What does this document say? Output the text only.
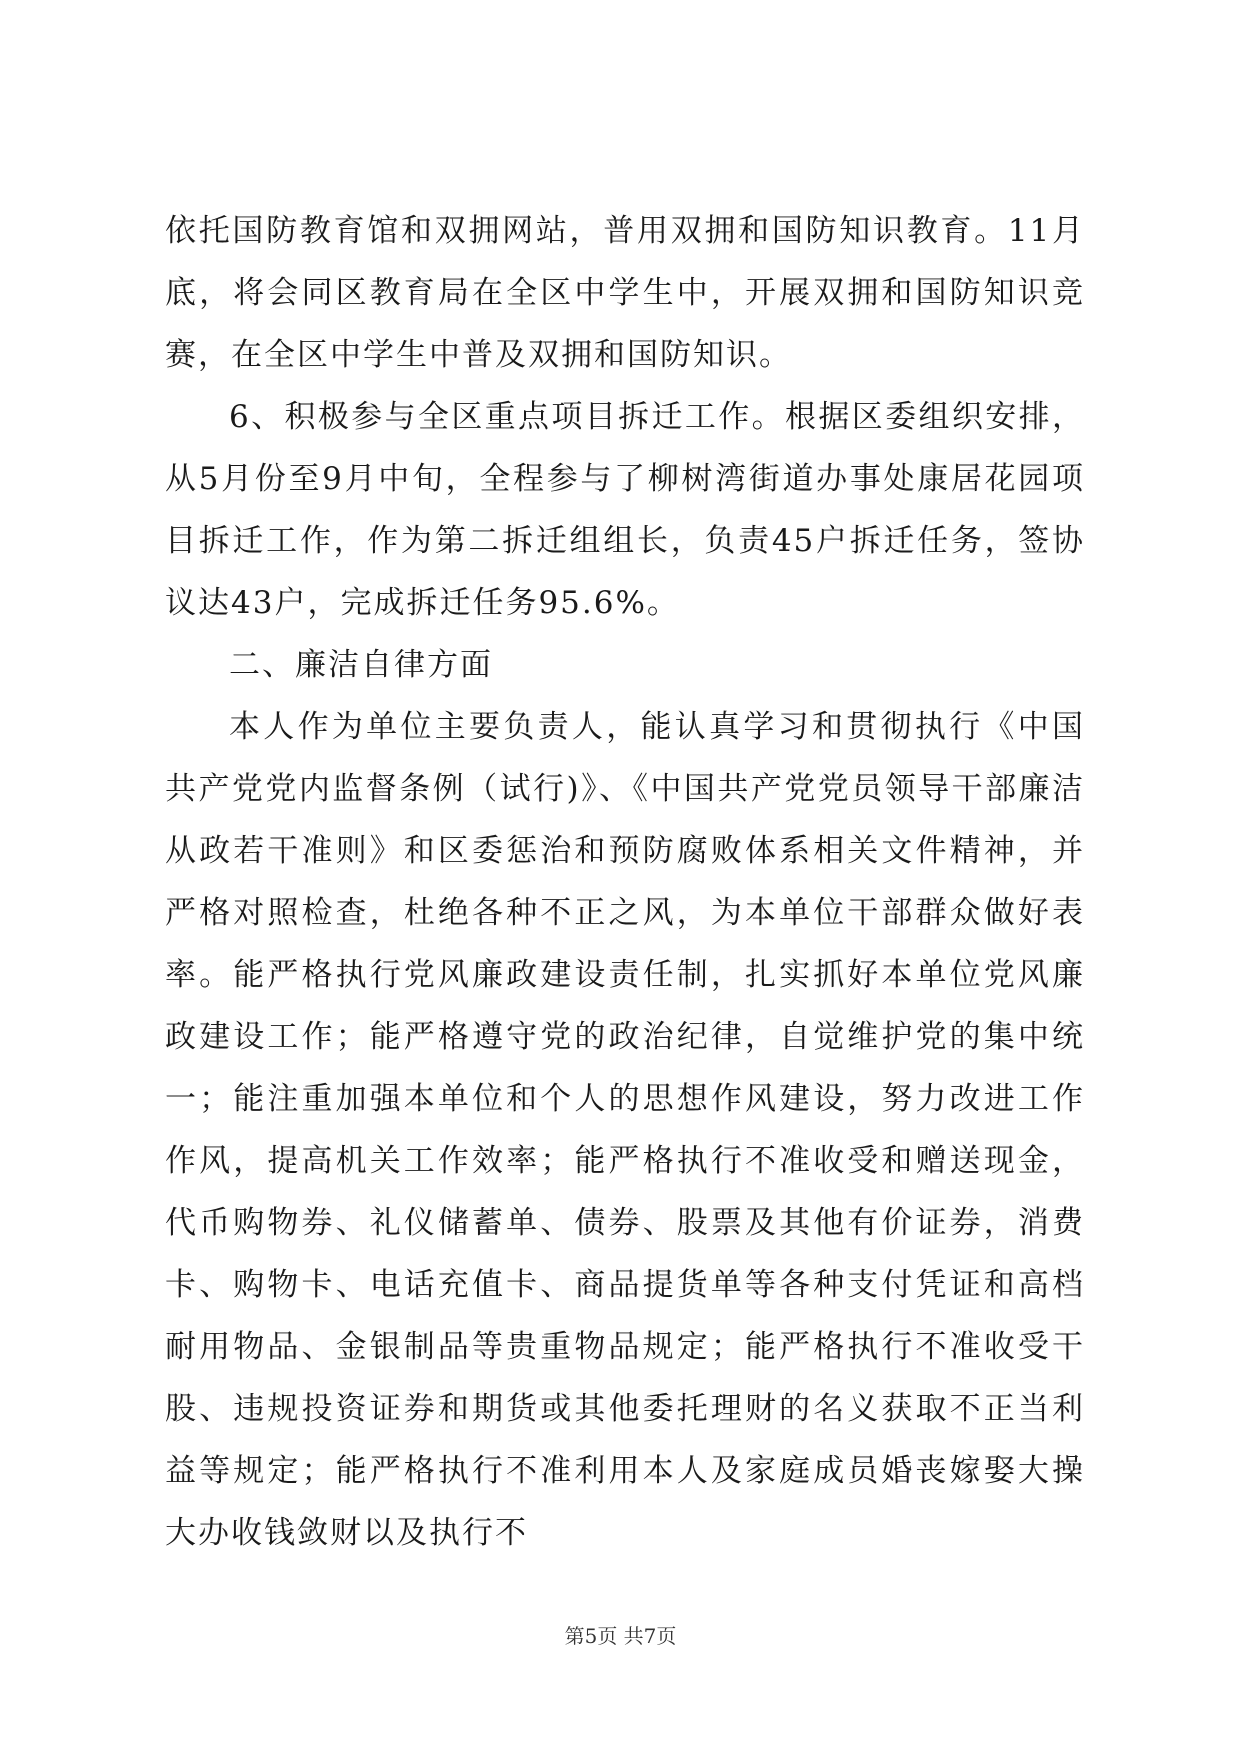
依托国防教育馆和双拥网站，普用双拥和国防知识教育。11月底，将会同区教育局在全区中学生中，开展双拥和国防知识竞赛，在全区中学生中普及双拥和国防知识。

6、积极参与全区重点项目拆迁工作。根据区委组织安排，从5月份至9月中旬，全程参与了柳树湾街道办事处康居花园项目拆迁工作，作为第二拆迁组组长，负责45户拆迁任务，签协议达43户，完成拆迁任务95.6%。

二、廉洁自律方面

本人作为单位主要负责人，能认真学习和贯彻执行《中国共产党党内监督条例（试行)》、《中国共产党党员领导干部廉洁从政若干准则》和区委惩治和预防腐败体系相关文件精神，并严格对照检查，杜绝各种不正之风，为本单位干部群众做好表率。能严格执行党风廉政建设责任制，扎实抓好本单位党风廉政建设工作；能严格遵守党的政治纪律，自觉维护党的集中统一；能注重加强本单位和个人的思想作风建设，努力改进工作作风，提高机关工作效率；能严格执行不准收受和赠送现金，代币购物券、礼仪储蓄单、债券、股票及其他有价证券，消费卡、购物卡、电话充值卡、商品提货单等各种支付凭证和高档耐用物品、金银制品等贵重物品规定；能严格执行不准收受干股、违规投资证券和期货或其他委托理财的名义获取不正当利益等规定；能严格执行不准利用本人及家庭成员婚丧嫁娶大操大办收钱敛财以及执行不

第5页 共7页
